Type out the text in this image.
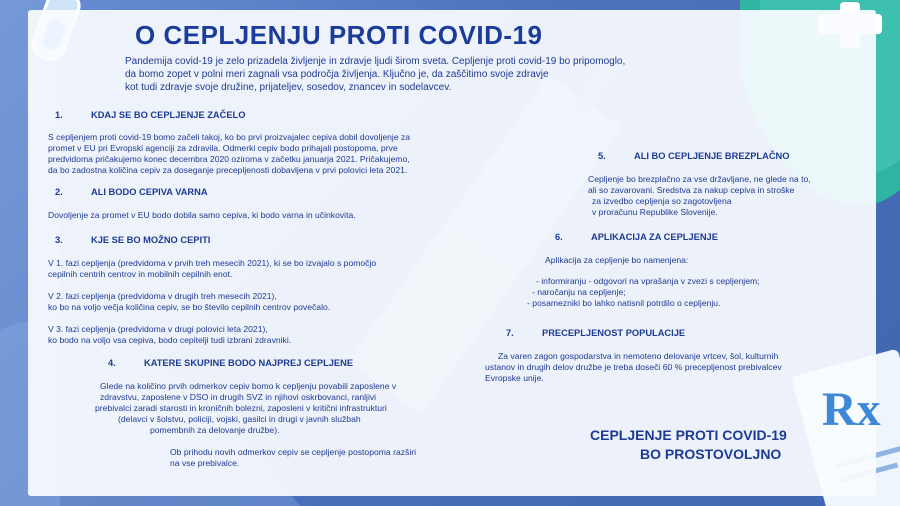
Rx
O CEPLJENJU PROTI COVID-19
Pandemija covid-19 je zelo prizadela življenje in zdravje ljudi širom sveta. Cepljenje proti covid-19 bo pripomoglo,
da bomo zopet v polni meri zagnali vsa področja življenja. Ključno je, da zaščitimo svoje zdravje
kot tudi zdravje svoje družine, prijateljev, sosedov, znancev in sodelavcev.
1.	KDAJ SE BO CEPLJENJE ZAČELO
S cepljenjem proti covid-19 bomo začeli takoj, ko bo prvi proizvajalec cepiva dobil dovoljenje za
promet v EU pri Evropski agenciji za zdravila. Odmerki cepiv bodo prihajali postopoma, prve
predvidoma pričakujemo konec decembra 2020 oziroma v začetku januarja 2021. Pričakujemo,
da bo zadostna količina cepiv za doseganje precepljenosti dobavljena v prvi polovici leta 2021.
2.	ALI BODO CEPIVA VARNA
Dovoljenje za promet v EU bodo dobila samo cepiva, ki bodo varna in učinkovita.
3.	KJE SE BO MOŽNO CEPITI
V 1. fazi cepljenja (predvidoma v prvih treh mesecih 2021), ki se bo izvajalo s pomočjo
cepilnih centrih centrov in mobilnih cepilnih enot.
V 2. fazi cepljenja (predvidoma v drugih treh mesecih 2021),
ko bo na voljo večja količina cepiv, se bo število cepilnih centrov povečalo.
V 3. fazi cepljenja (predvidoma v drugi polovici leta 2021),
ko bodo na voljo vsa cepiva, bodo cepitelji tudi izbrani zdravniki.
4.	KATERE SKUPINE BODO NAJPREJ CEPLJENE
Glede na količino prvih odmerkov cepiv bomo k cepljenju povabili zaposlene v
zdravstvu, zaposlene v DSO in drugih SVZ in njihovi oskrbovanci, ranljivi
prebivalci zaradi starosti in kroničnih bolezni, zaposleni v kritični infrastrukturi
(delavci v šolstvu, policiji, vojski, gasilci in drugi v javnih službah
pomembnih za delovanje družbe).
Ob prihodu novih odmerkov cepiv se cepljenje postopoma razširi
na vse prebivalce.
5.	ALI BO CEPLJENJE BREZPLAČNO
Cepljenje bo brezplačno za vse državljane, ne glede na to,
ali so zavarovani. Sredstva za nakup cepiva in stroške
za izvedbo cepljenja so zagotovljena
v proračunu Republike Slovenije.
6.	APLIKACIJA ZA CEPLJENJE
Aplikacija za cepljenje bo namenjena:
- informiranju - odgovori na vprašanja v zvezi s cepljenjem;
- naročanju na cepljenje;
- posamezniki bo lahko natisnil potrdilo o cepljenju.
7.	PRECEPLJENOST POPULACIJE
Za varen zagon gospodarstva in nemoteno delovanje vrtcev, šol, kulturnih
ustanov in drugih delov družbe je treba doseči 60 % precepljenost prebivalcev
Evropske unije.
CEPLJENJE PROTI COVID-19
BO PROSTOVOLJNO
